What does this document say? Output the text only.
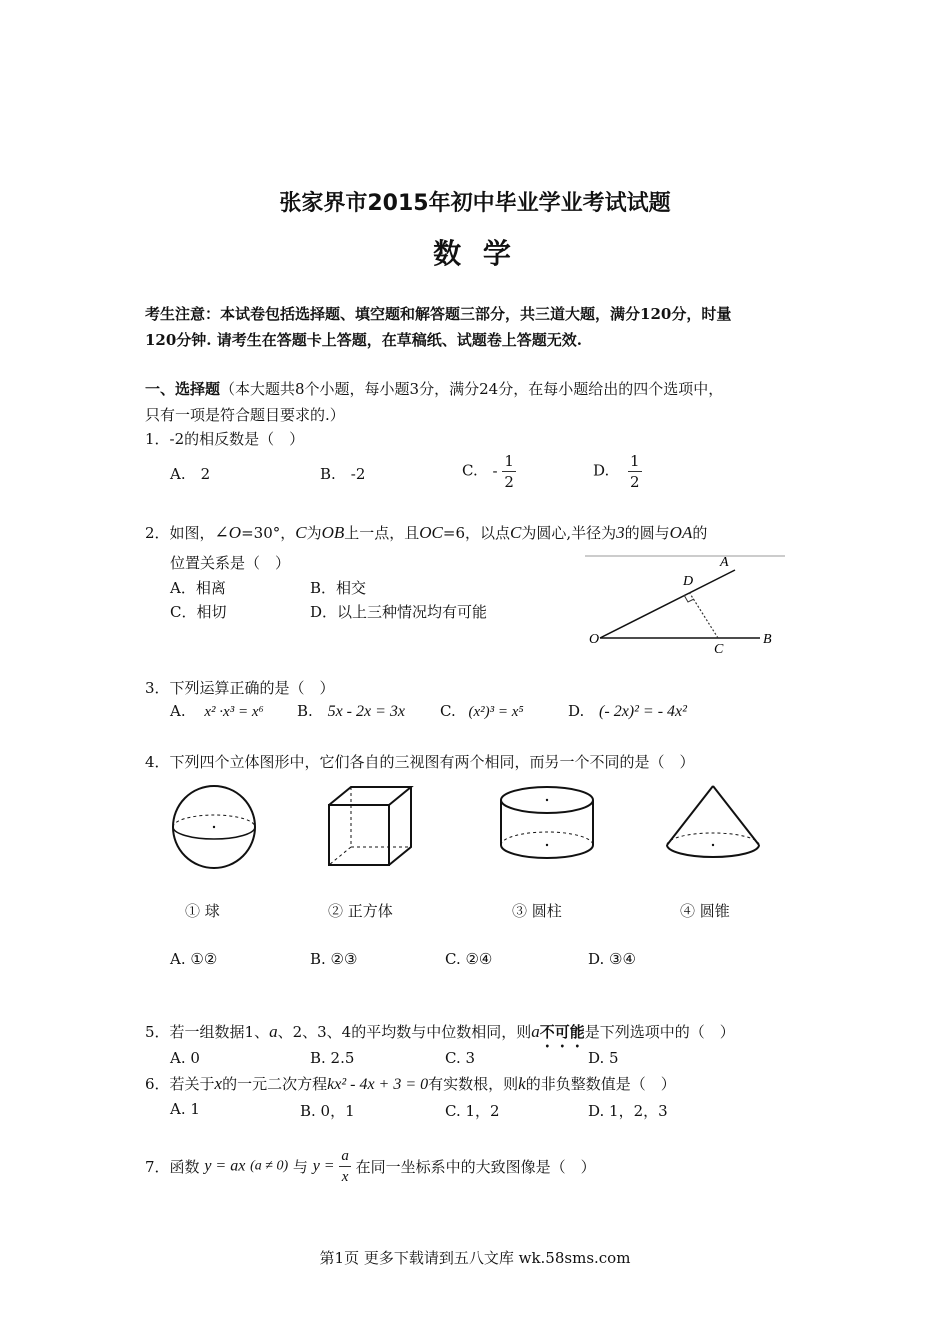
张家界市2015年初中毕业学业考试试题
数 学
考生注意：本试卷包括选择题、填空题和解答题三部分，共三道大题，满分120分，时量
120分钟. 请考生在答题卡上答题，在草稿纸、试题卷上答题无效.
一、选择题（本大题共8个小题，每小题3分，满分24分，在每小题给出的四个选项中，
只有一项是符合题目要求的.）
1．-2的相反数是（　）
A.　2	B.　-2	C. - $\frac{1}{2}$	D. $\frac{1}{2}$
2．如图，∠O=30°，C为OB上一点，且OC=6，以点C为圆心,半径为3的圆与OA的
位置关系是（　）
A．相离	B．相交
C．相切	D．以上三种情况均有可能
A
D
O
C
B
3．下列运算正确的是（　）
A. x² ·x³ = x⁶ B. 5x - 2x = 3x C. (x²)³ = x⁵	D. (- 2x)² = - 4x²
4．下列四个立体图形中，它们各自的三视图有两个相同，而另一个不同的是（　）
① 球	② 正方体	③ 圆柱	④ 圆锥
A. ①②	B. ②③	C. ②④	D. ③④
5．若一组数据1、a、2、3、4的平均数与中位数相同，则a不可能是下列选项中的（　）
A. 0	B. 2.5	C. 3	D. 5
6．若关于x的一元二次方程kx² - 4x + 3 = 0有实数根，则k的非负整数值是（　）
A. 1	B. 0，1	C. 1，2	D. 1，2，3
7．函数 y = ax (a ≠ 0) 与 $y = \frac{a}{x}$ 在同一坐标系中的大致图像是（　）
第1页 更多下载请到五八文库 wk.58sms.com
